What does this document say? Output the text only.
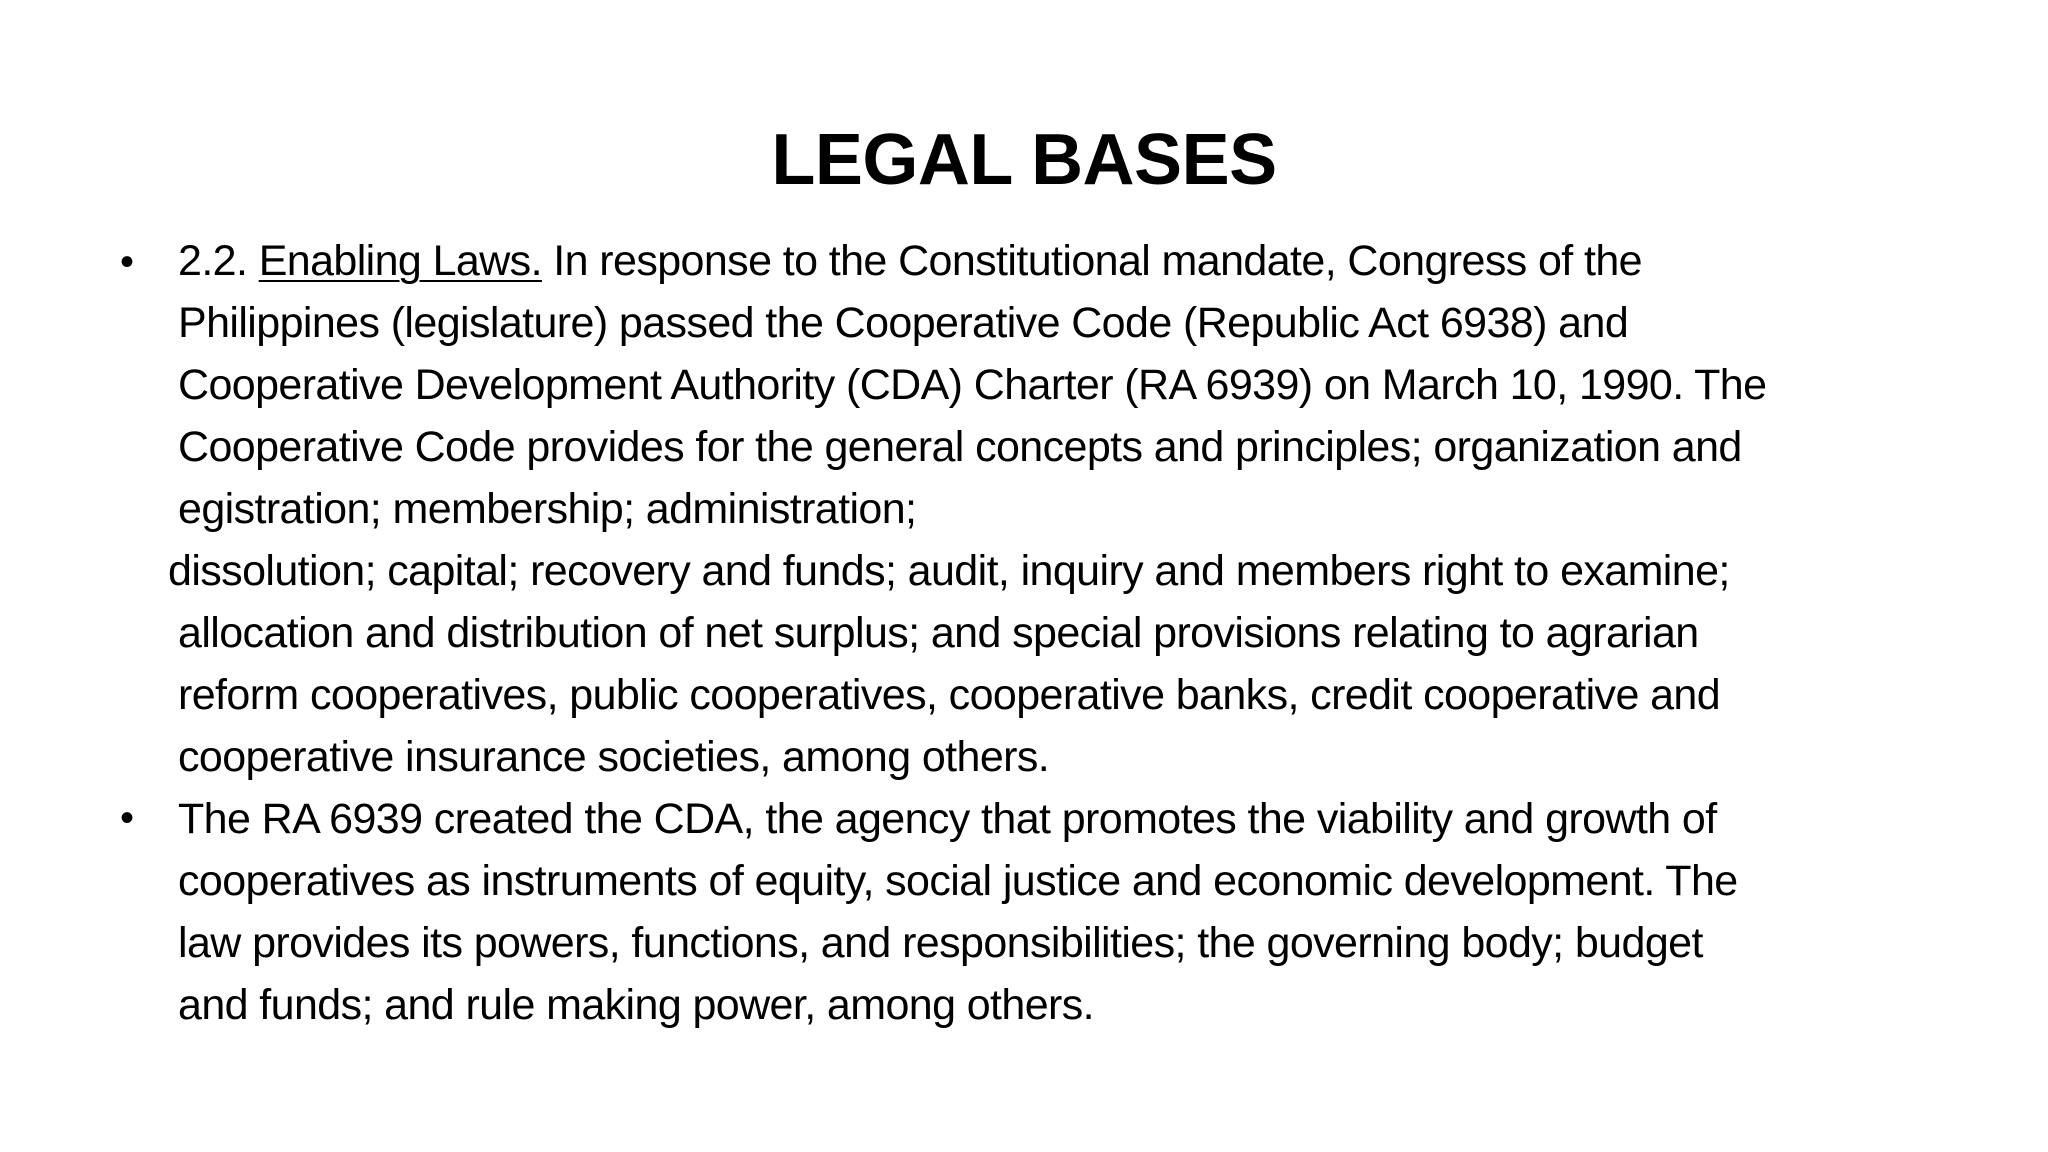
LEGAL BASES
• 2.2. Enabling Laws. In response to the Constitutional mandate, Congress of the
Philippines (legislature) passed the Cooperative Code (Republic Act 6938) and
Cooperative Development Authority (CDA) Charter (RA 6939) on March 10, 1990. The
Cooperative Code provides for the general concepts and principles; organization and
egistration; membership; administration;
dissolution; capital; recovery and funds; audit, inquiry and members right to examine;
allocation and distribution of net surplus; and special provisions relating to agrarian
reform cooperatives, public cooperatives, cooperative banks, credit cooperative and
cooperative insurance societies, among others.
• The RA 6939 created the CDA, the agency that promotes the viability and growth of
cooperatives as instruments of equity, social justice and economic development. The
law provides its powers, functions, and responsibilities; the governing body; budget
and funds; and rule making power, among others.
